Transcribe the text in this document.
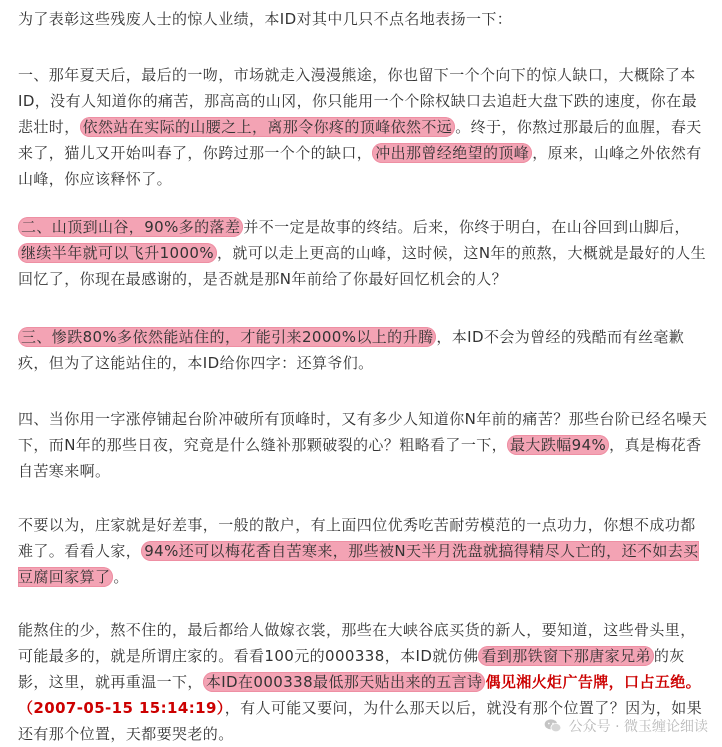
为了表彰这些残废人士的惊人业绩，本ID对其中几只不点名地表扬一下：
一、那年夏天后，最后的一吻，市场就走入漫漫熊途，你也留下一个个向下的惊人缺口，大概除了本ID，没有人知道你的痛苦，那高高的山冈，你只能用一个个除权缺口去追赶大盘下跌的速度，你在最悲壮时， 依然站在实际的山腰之上，离那令你疼的顶峰依然不远 。终于，你熬过那最后的血腥，春天来了，猫儿又开始叫春了，你跨过那一个个的缺口， 冲出那曾经绝望的顶峰 ，原来，山峰之外依然有山峰，你应该释怀了。
二、山顶到山谷，90%多的落差 并不一定是故事的终结。后来，你终于明白，在山谷回到山脚后，继续半年就可以飞升1000% ，就可以走上更高的山峰，这时候，这N年的煎熬，大概就是最好的人生回忆了，你现在最感谢的，是否就是那N年前给了你最好回忆机会的人？
三、惨跌80%多依然能站住的，才能引来2000%以上的升腾 ，本ID不会为曾经的残酷而有丝毫歉疚，但为了这能站住的，本ID给你四字：还算爷们。
四、当你用一字涨停铺起台阶冲破所有顶峰时，又有多少人知道你N年前的痛苦？那些台阶已经名噪天下，而N年的那些日夜，究竟是什么缝补那颗破裂的心？粗略看了一下， 最大跌幅94% ，真是梅花香自苦寒来啊。
不要以为，庄家就是好差事，一般的散户，有上面四位优秀吃苦耐劳模范的一点功力，你想不成功都难了。看看人家， 94%还可以梅花香自苦寒来，那些被N天半月洗盘就搞得精尽人亡的，还不如去买豆腐回家算了 。
能熬住的少，熬不住的，最后都给人做嫁衣裳，那些在大峡谷底买货的新人，要知道，这些骨头里，可能最多的，就是所谓庄家的。看看100元的000338，本ID就仿佛 看到那铁窗下那唐家兄弟 的灰影，这里，就再重温一下， 本ID在000338最低那天贴出来的五言诗 偶见湘火炬广告牌，口占五绝。（2007-05-15 15:14:19），有人可能又要问，为什么那天以后，就没有那个位置了？因为，如果还有那个位置，天都要哭老的。	公众号 · 微玉缠论细读
